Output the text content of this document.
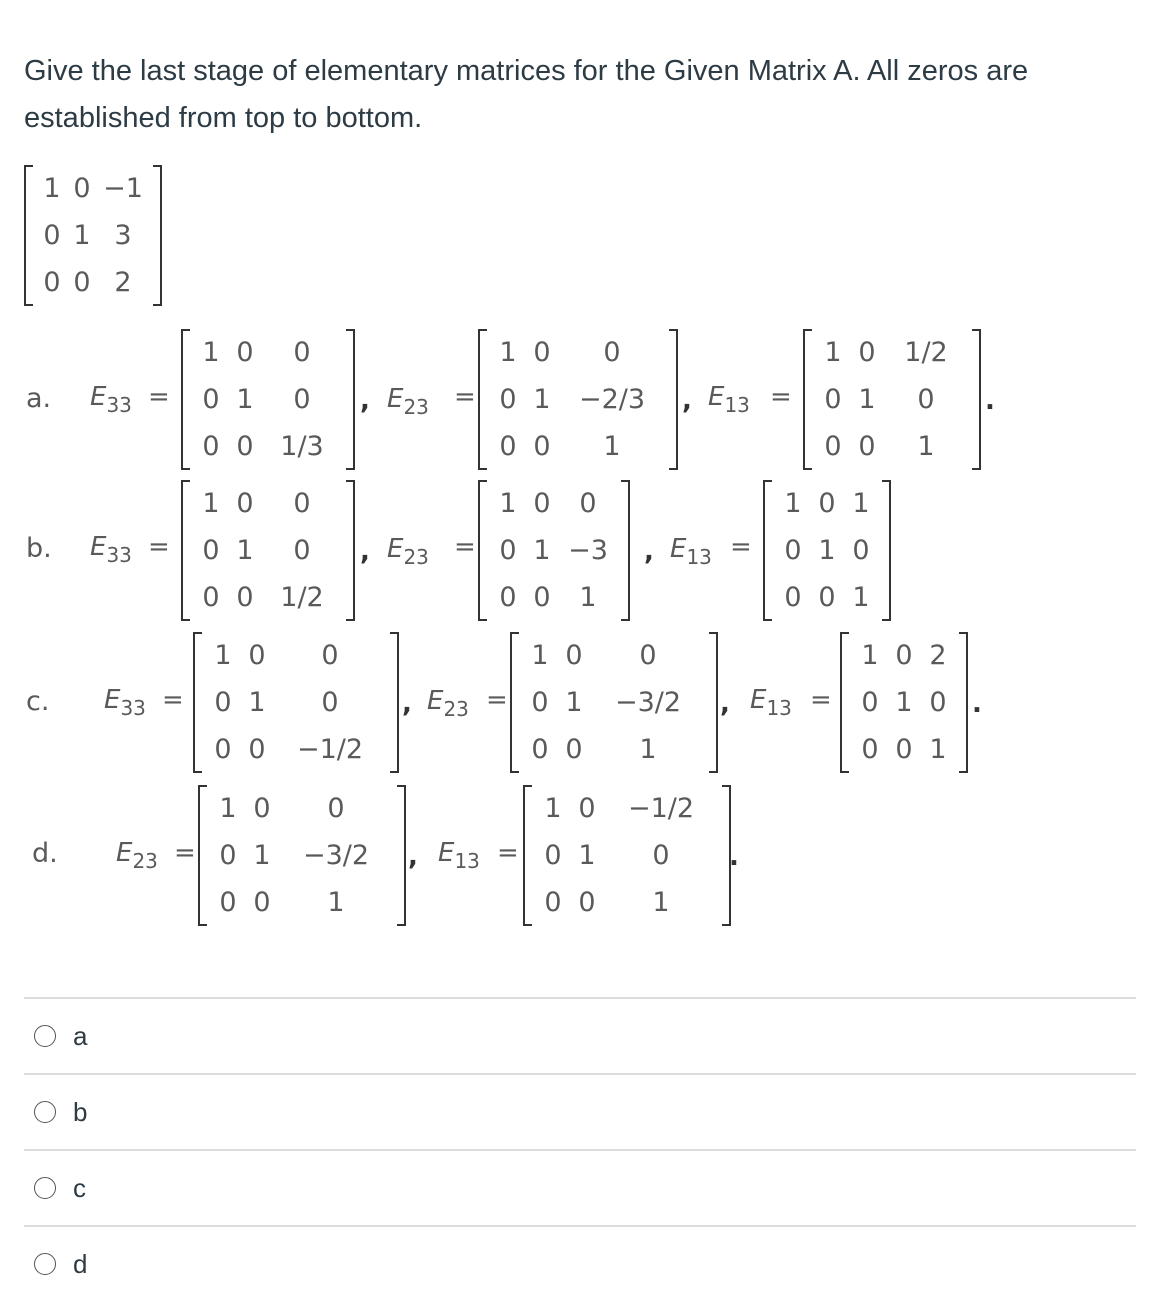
Give the last stage of elementary matrices for the Given Matrix A. All zeros are established from top to bottom.
1 0 −1
0 1 3
0 0 2
a. $E_{33}$ =
1 0	0
0 1	0
0 0 1/3
, $E_{23}$ =
1 0	0
0 1	−2/3
0 0	1
, $E_{13}$ =
1 0	1/2
0 1	0
0 0	1
.
b. $E_{33}$ =
1 0	0
0 1	0
0 0 1/2
, $E_{23}$ =
1 0	0
0 1 −3
0 0	1
, $E_{13}$ =
1 0 1
0 1 0
0 0 1
c. $E_{33}$ =
1 0	0
0 1	0
0 0	−1/2
, $E_{23}$ =
1 0	0
0 1	−3/2
0 0	1
, $E_{13}$ =
1 0 2
0 1 0
0 0 1
.
d. $E_{23}$ =
1 0	0
0 1	−3/2
0 0	1
, $E_{13}$ =
1 0	−1/2
0 1	0
0 0	1
.
a
b
c
d
